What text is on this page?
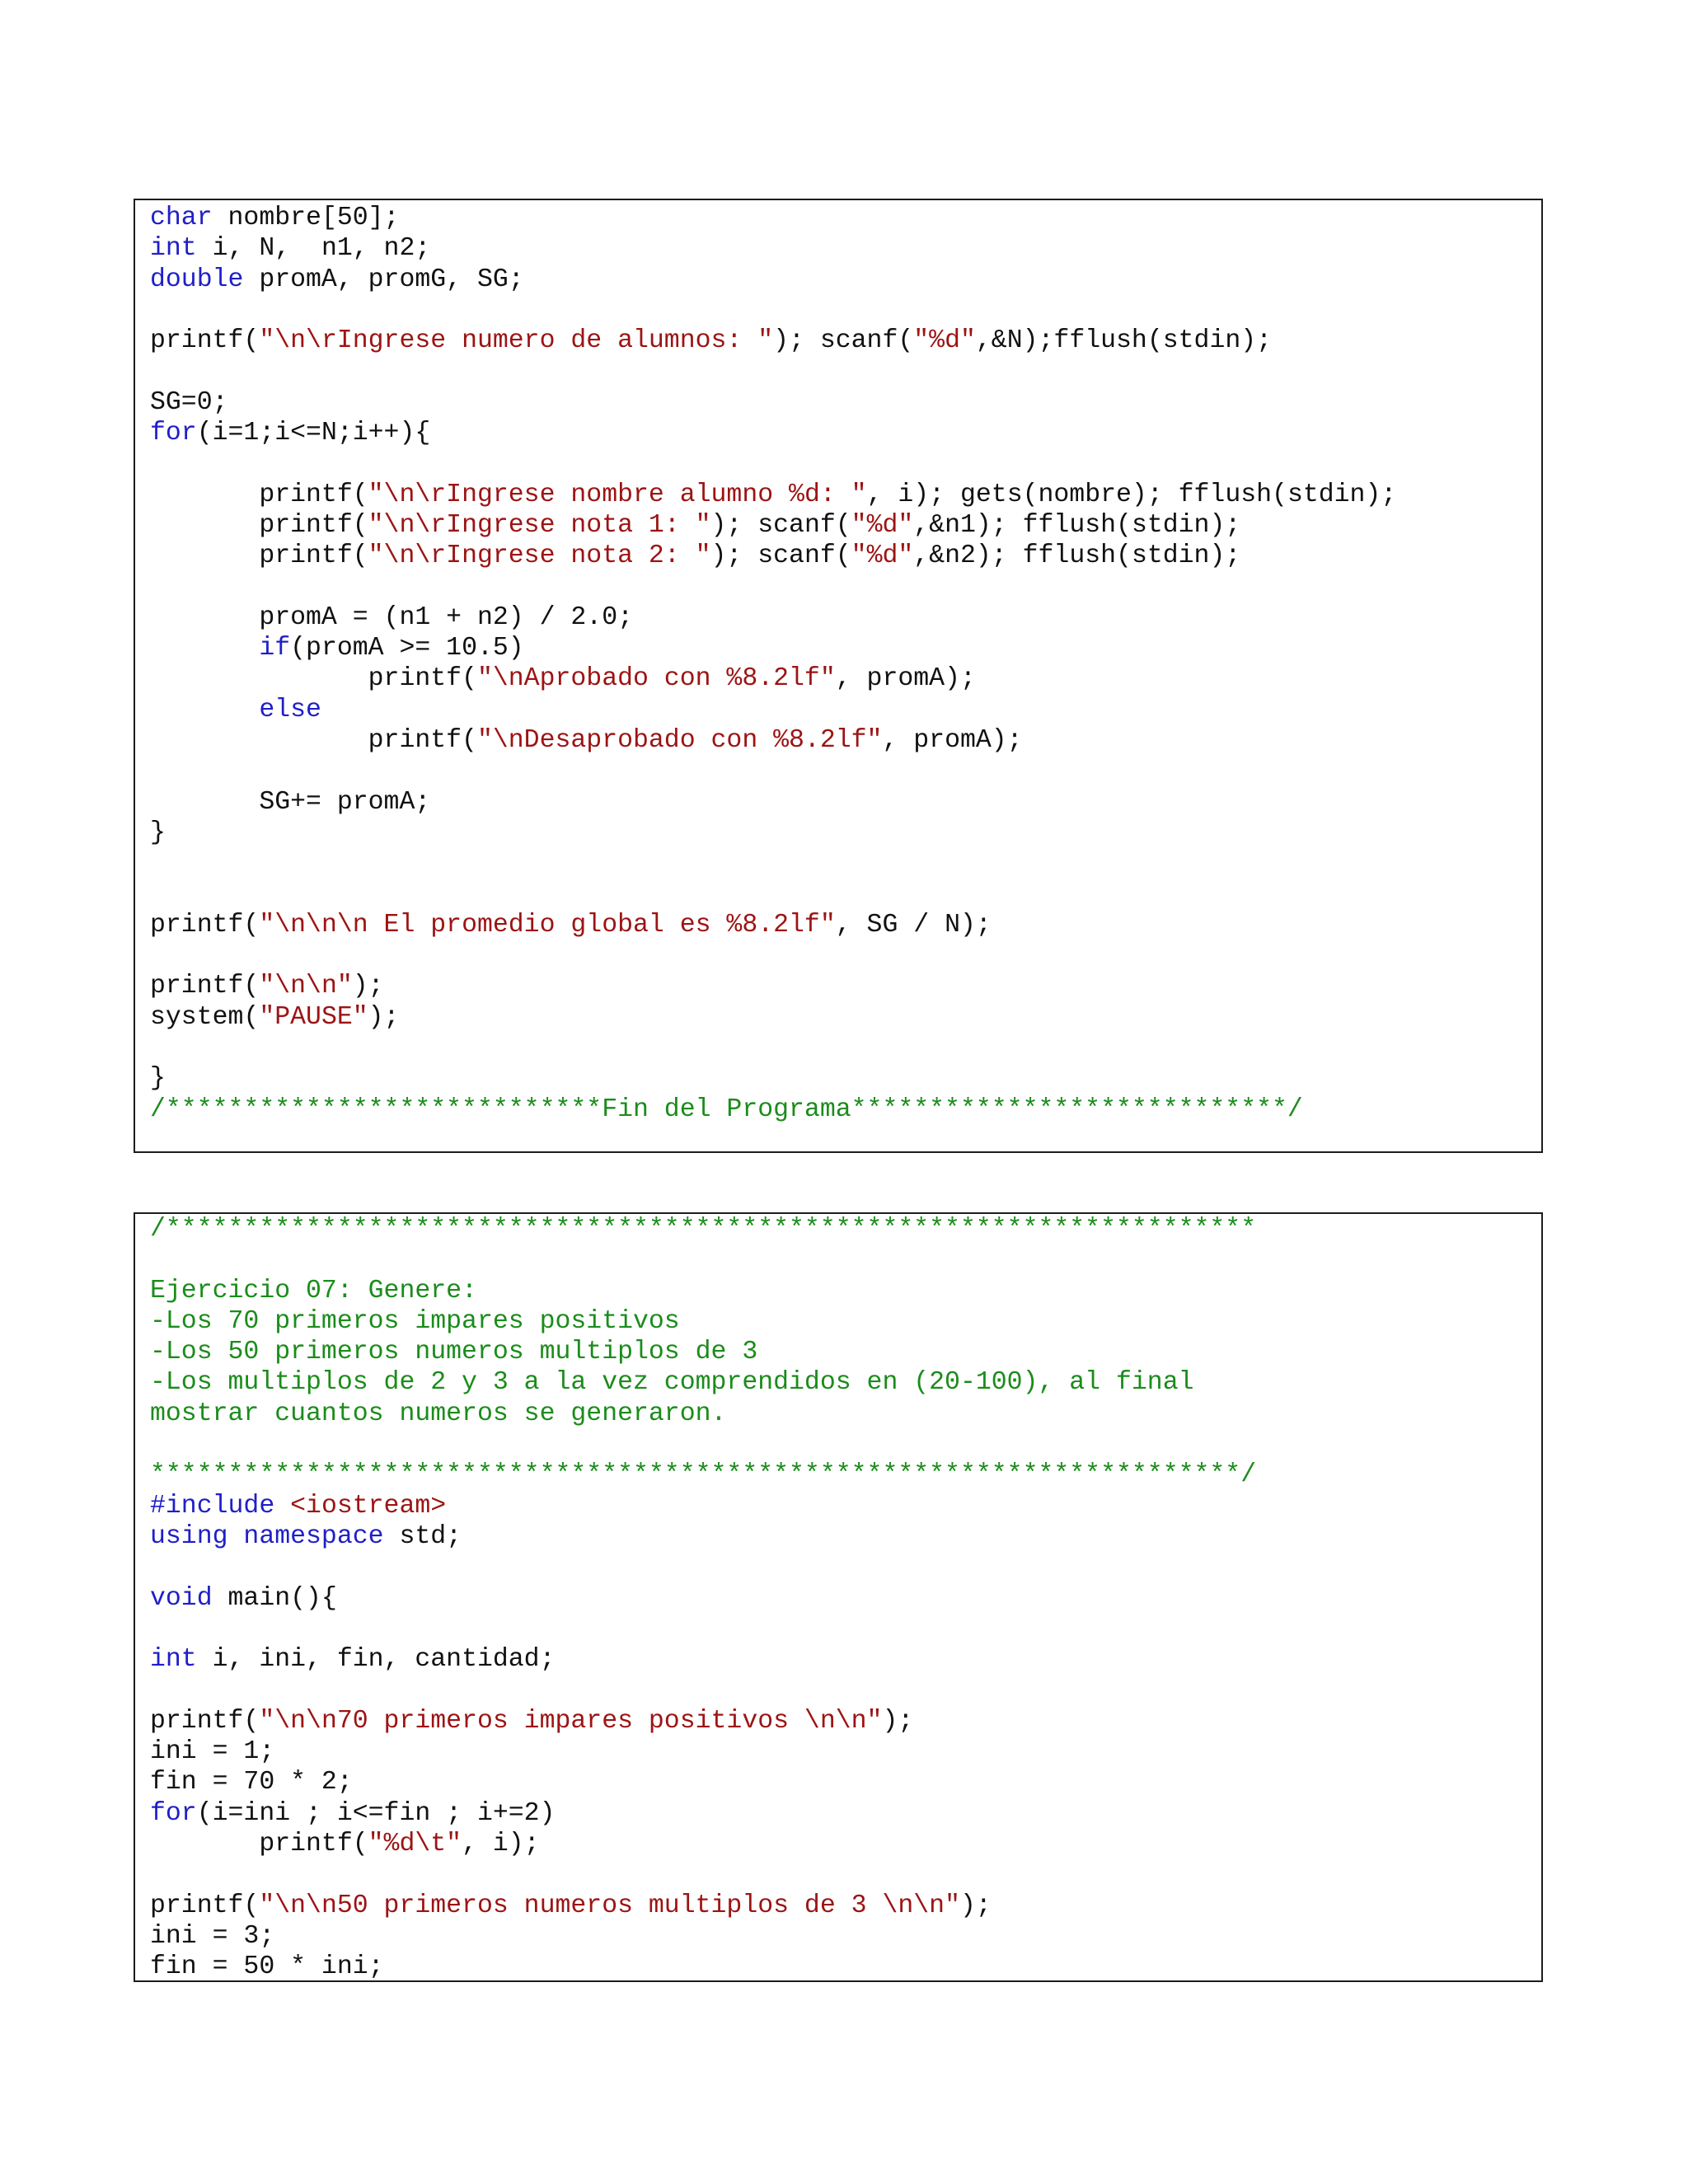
char nombre[50];
int i, N,  n1, n2;
double promA, promG, SG;

printf("\n\rIngrese numero de alumnos: "); scanf("%d",&N);fflush(stdin);

SG=0;
for(i=1;i<=N;i++){

printf("\n\rIngrese nombre alumno %d: ", i); gets(nombre); fflush(stdin);
printf("\n\rIngrese nota 1: "); scanf("%d",&n1); fflush(stdin);
printf("\n\rIngrese nota 2: "); scanf("%d",&n2); fflush(stdin);

promA = (n1 + n2) / 2.0;
if(promA >= 10.5)
printf("\nAprobado con %8.2lf", promA);
else
printf("\nDesaprobado con %8.2lf", promA);

SG+= promA;
}

printf("\n\n\n El promedio global es %8.2lf", SG / N);

printf("\n\n");
system("PAUSE");

}
/****************************Fin del Programa****************************/
/**********************************************************************

Ejercicio 07: Genere:
-Los 70 primeros impares positivos
-Los 50 primeros numeros multiplos de 3
-Los multiplos de 2 y 3 a la vez comprendidos en (20-100), al final
mostrar cuantos numeros se generaron.

**********************************************************************/
#include <iostream>
using namespace std;

void main(){

int i, ini, fin, cantidad;

printf("\n\n70 primeros impares positivos \n\n");
ini = 1;
fin = 70 * 2;
for(i=ini ; i<=fin ; i+=2)
printf("%d\t", i);

printf("\n\n50 primeros numeros multiplos de 3 \n\n");
ini = 3;
fin = 50 * ini;
